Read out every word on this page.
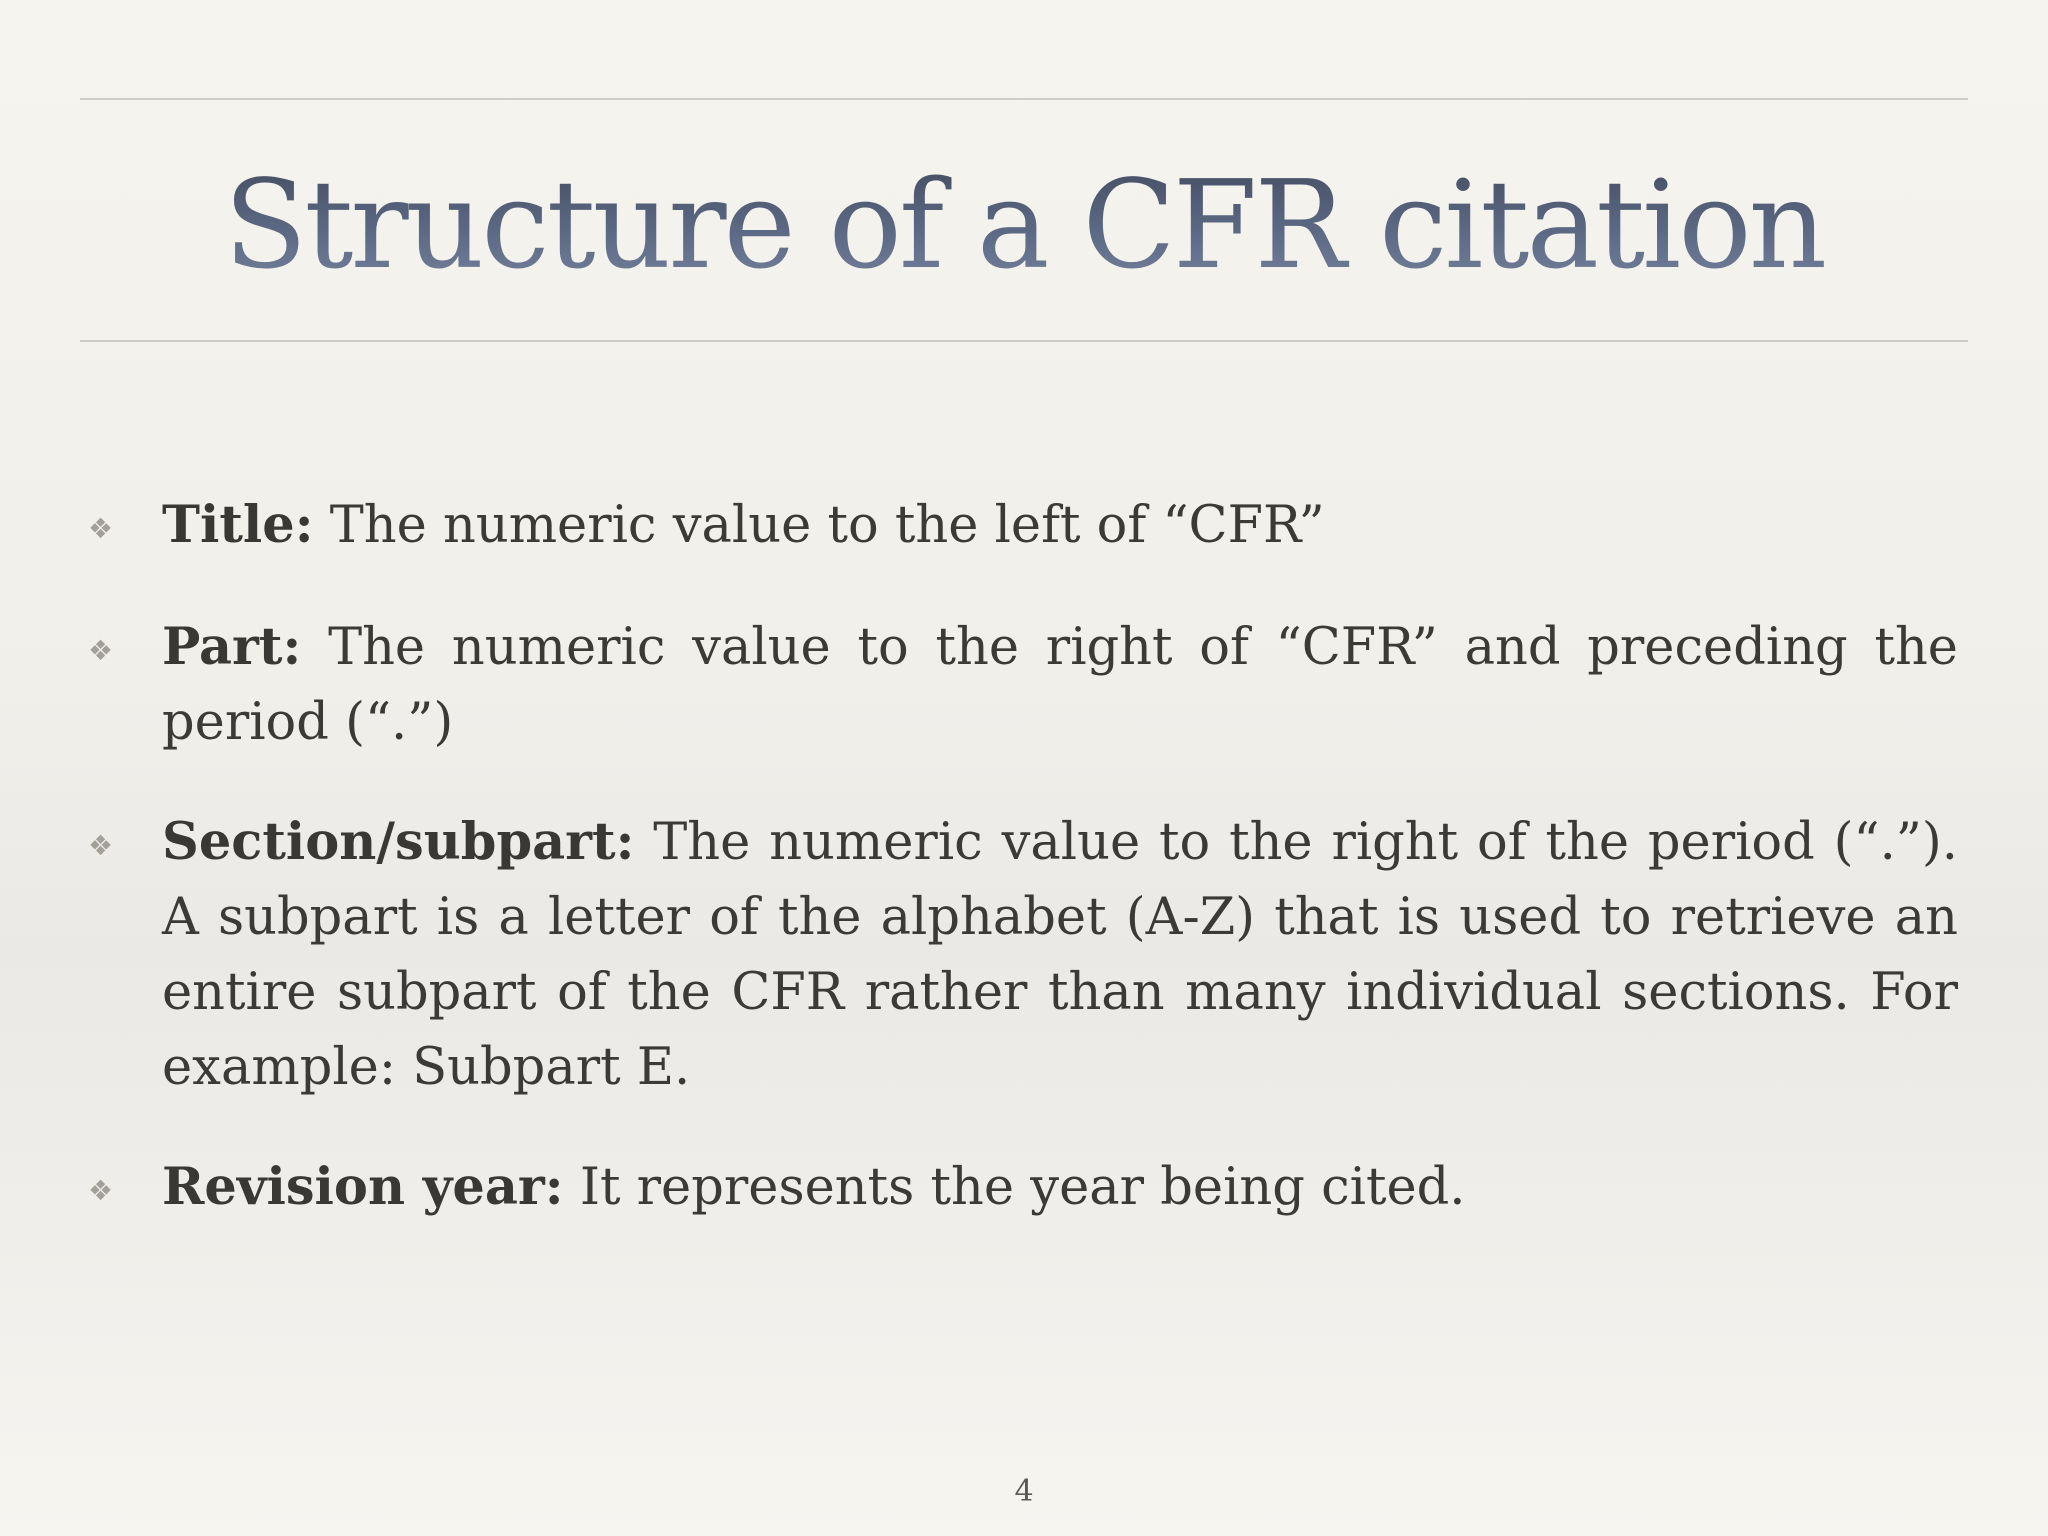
Structure of a CFR citation
❖ Title: The numeric value to the left of “CFR”

❖ Part: The numeric value to the right of “CFR” and preceding the period (“.”)

❖ Section/subpart: The numeric value to the right of the period (“.”). A subpart is a letter of the alphabet (A-Z) that is used to retrieve an entire subpart of the CFR rather than many individual sections. For example: Subpart E.

❖ Revision year: It represents the year being cited.

4
